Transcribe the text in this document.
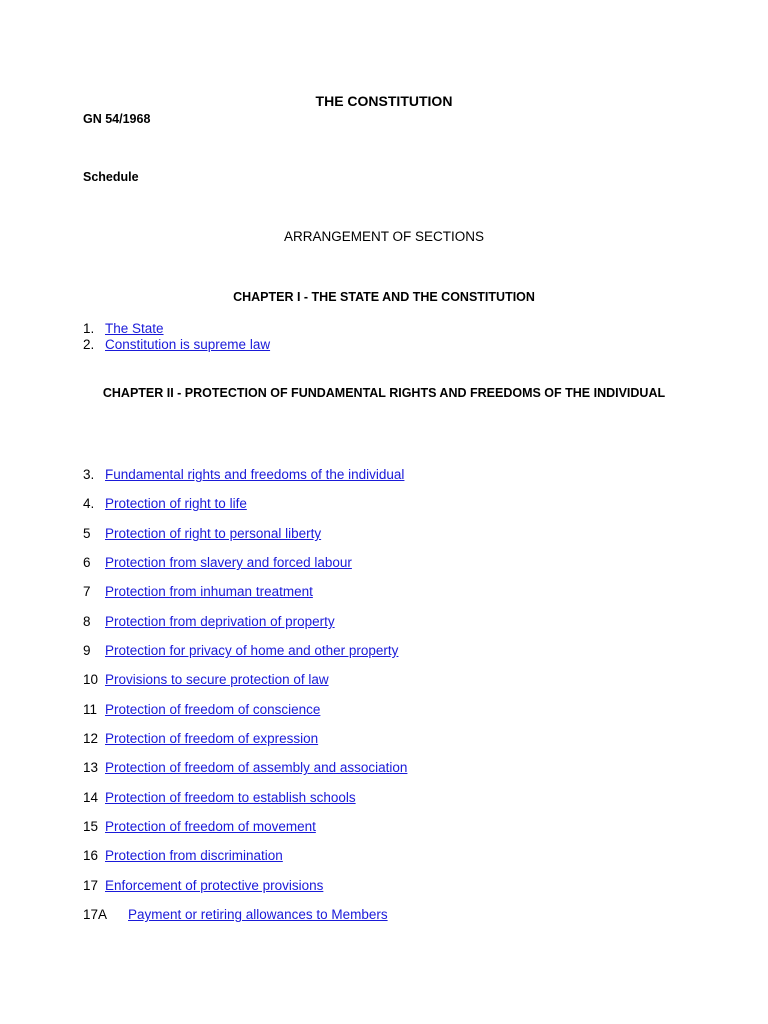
THE CONSTITUTION
GN 54/1968
Schedule
ARRANGEMENT OF SECTIONS
CHAPTER I - THE STATE AND THE CONSTITUTION
1. The State
2. Constitution is supreme law
CHAPTER II - PROTECTION OF FUNDAMENTAL RIGHTS AND FREEDOMS OF THE INDIVIDUAL
3. Fundamental rights and freedoms of the individual
4. Protection of right to life
5 Protection of right to personal liberty
6 Protection from slavery and forced labour
7 Protection from inhuman treatment
8 Protection from deprivation of property
9 Protection for privacy of home and other property
10 Provisions to secure protection of law
11 Protection of freedom of conscience
12 Protection of freedom of expression
13 Protection of freedom of assembly and association
14 Protection of freedom to establish schools
15 Protection of freedom of movement
16 Protection from discrimination
17 Enforcement of protective provisions
17A Payment or retiring allowances to Members
